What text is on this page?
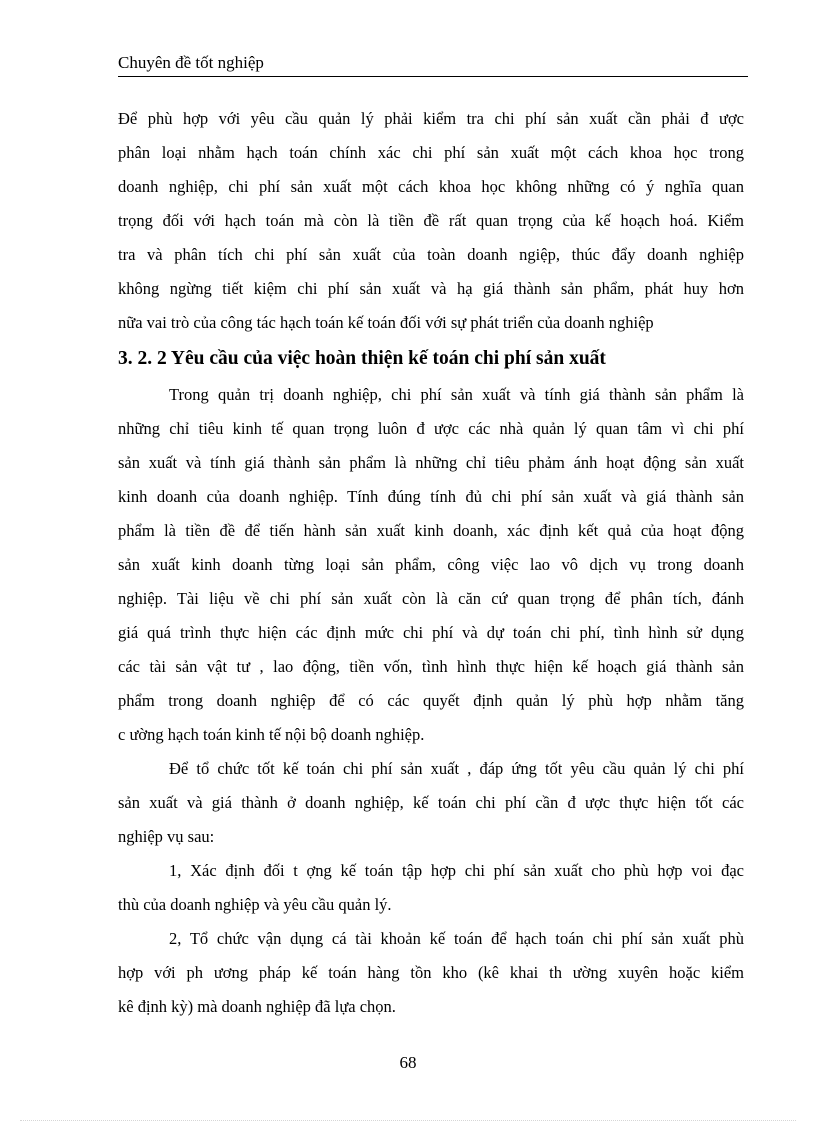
Chuyên đề tốt nghiệp
Để phù hợp với yêu cầu quản lý phải kiểm tra chi phí sản xuất cần phải đ ược
phân loại nhằm hạch toán chính xác chi phí sản xuất một cách khoa học trong
doanh nghiệp, chi phí sản xuất một cách khoa học không những có ý nghĩa quan
trọng đối với hạch toán mà còn là tiền đề rất quan trọng của kế hoạch hoá. Kiểm
tra và phân tích chi phí sản xuất của toàn doanh ngiệp, thúc đẩy doanh nghiệp
không ngừng tiết kiệm chi phí sản xuất và hạ giá thành sản phẩm, phát huy hơn
nữa vai trò của công tác hạch toán kế toán đối với sự phát triển của doanh nghiệp
3. 2. 2 Yêu cầu của việc hoàn thiện kế toán chi phí sản xuất
Trong quản trị doanh nghiệp, chi phí sản xuất và tính giá thành sản phẩm là
những chỉ tiêu kinh tế quan trọng luôn đ ược các nhà quản lý quan tâm vì chi phí
sản xuất và tính giá thành sản phẩm là những chỉ tiêu phảm ánh hoạt động sản xuất
kinh doanh của doanh nghiệp. Tính đúng tính đủ chi phí sản xuất và giá thành sản
phẩm là tiền đề để tiến hành sản xuất kinh doanh, xác định kết quả của hoạt động
sản xuất kinh doanh từng loại sản phẩm, công việc lao vô dịch vụ trong doanh
nghiệp. Tài liệu về chi phí sản xuất còn là căn cứ quan trọng để phân tích, đánh
giá quá trình thực hiện các định mức chi phí và dự toán chi phí, tình hình sử dụng
các tài sản vật tư , lao động, tiền vốn, tình hình thực hiện kế hoạch giá thành sản
phẩm trong doanh nghiệp để có các quyết định quản lý phù hợp nhằm tăng
c ường hạch toán kinh tế nội bộ doanh nghiệp.
Để tổ chức tốt kế toán chi phí sản xuất , đáp ứng tốt yêu cầu quản lý chi phí
sản xuất và giá thành ở doanh nghiệp, kế toán chi phí cần đ ược thực hiện tốt các
nghiệp vụ sau:
1, Xác định đối t ợng kế toán tập hợp chi phí sản xuất cho phù hợp voi đạc
thù của doanh nghiệp và yêu cầu quản lý.
2, Tổ chức vận dụng cá tài khoản kế toán để hạch toán chi phí sản xuất phù
hợp với ph ương pháp kế toán hàng tồn kho (kê khai th ường xuyên hoặc kiểm
kê định kỳ) mà doanh nghiệp đã lựa chọn.
68
